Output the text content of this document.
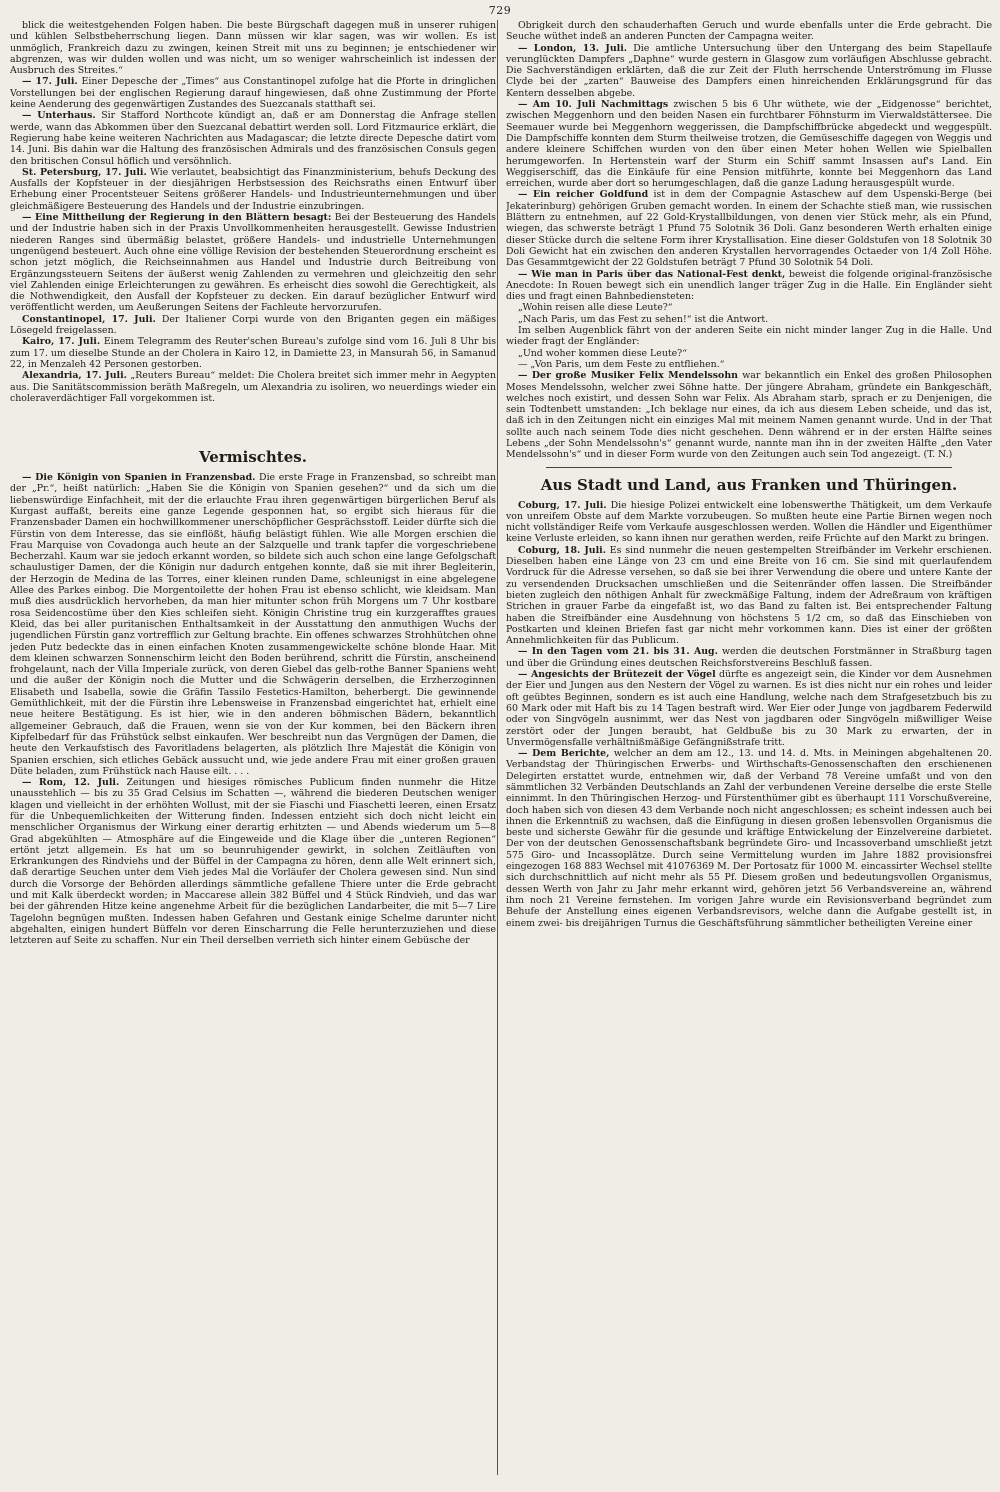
729

blick die weitestgehenden Folgen haben. Die beste Bürgschaft dagegen muß in unserer ruhigen und kühlen Selbstbeherrschung liegen. Dann müssen wir klar sagen, was wir wollen. Es ist unmöglich, Frankreich dazu zu zwingen, keinen Streit mit uns zu beginnen; je entschiedener wir abgrenzen, was wir dulden wollen und was nicht, um so weniger wahrscheinlich ist indessen der Ausbruch des Streites.“

— 17. Juli. Einer Depesche der „Times“ aus Constantinopel zufolge hat die Pforte in dringlichen Vorstellungen bei der englischen Regierung darauf hingewiesen, daß ohne Zustimmung der Pforte keine Aenderung des gegenwärtigen Zustandes des Suezcanals statthaft sei.

— Unterhaus. Sir Stafford Northcote kündigt an, daß er am Donnerstag die Anfrage stellen werde, wann das Abkommen über den Suezcanal debattirt werden soll. Lord Fitzmaurice erklärt, die Regierung habe keine weiteren Nachrichten aus Madagascar; die letzte directe Depesche datirt vom 14. Juni. Bis dahin war die Haltung des französischen Admirals und des französischen Consuls gegen den britischen Consul höflich und versöhnlich.

St. Petersburg, 17. Juli. Wie verlautet, beabsichtigt das Finanzministerium, behufs Deckung des Ausfalls der Kopfsteuer in der diesjährigen Herbstsession des Reichsraths einen Entwurf über Erhebung einer Procentsteuer Seitens größerer Handels- und Industrieunternehmungen und über gleichmäßigere Besteuerung des Handels und der Industrie einzubringen.

— Eine Mittheilung der Regierung in den Blättern besagt: Bei der Besteuerung des Handels und der Industrie haben sich in der Praxis Unvollkommenheiten herausgestellt. Gewisse Industrien niederen Ranges sind übermäßig belastet, größere Handels- und industrielle Unternehmungen ungenügend besteuert. Auch ohne eine völlige Revision der bestehenden Steuerordnung erscheint es schon jetzt möglich, die Reichseinnahmen aus Handel und Industrie durch Beitreibung von Ergänzungssteuern Seitens der äußerst wenig Zahlenden zu vermehren und gleichzeitig den sehr viel Zahlenden einige Erleichterungen zu gewähren. Es erheischt dies sowohl die Gerechtigkeit, als die Nothwendigkeit, den Ausfall der Kopfsteuer zu decken. Ein darauf bezüglicher Entwurf wird veröffentlicht werden, um Aeußerungen Seitens der Fachleute hervorzurufen.

Constantinopel, 17. Juli. Der Italiener Corpi wurde von den Briganten gegen ein mäßiges Lösegeld freigelassen.

Kairo, 17. Juli. Einem Telegramm des Reuter'schen Bureau's zufolge sind vom 16. Juli 8 Uhr bis zum 17. um dieselbe Stunde an der Cholera in Kairo 12, in Damiette 23, in Mansurah 56, in Samanud 22, in Menzaleh 42 Personen gestorben.

Alexandria, 17. Juli. „Reuters Bureau“ meldet: Die Cholera breitet sich immer mehr in Aegypten aus. Die Sanitätscommission beräth Maßregeln, um Alexandria zu isoliren, wo neuerdings wieder ein choleraverdächtiger Fall vorgekommen ist.

Vermischtes.

— Die Königin von Spanien in Franzensbad. Die erste Frage in Franzensbad, so schreibt man der „Pr.“, heißt natürlich: „Haben Sie die Königin von Spanien gesehen?“ und da sich um die liebenswürdige Einfachheit, mit der die erlauchte Frau ihren gegenwärtigen bürgerlichen Beruf als Kurgast auffaßt, bereits eine ganze Legende gesponnen hat, so ergibt sich hieraus für die Franzensbader Damen ein hochwillkommener unerschöpflicher Gesprächsstoff. Leider dürfte sich die Fürstin von dem Interesse, das sie einflößt, häufig belästigt fühlen. Wie alle Morgen erschien die Frau Marquise von Covadonga auch heute an der Salzquelle und trank tapfer die vorgeschriebene Becherzahl. Kaum war sie jedoch erkannt worden, so bildete sich auch schon eine lange Gefolgschaft schaulustiger Damen, der die Königin nur dadurch entgehen konnte, daß sie mit ihrer Begleiterin, der Herzogin de Medina de las Torres, einer kleinen runden Dame, schleunigst in eine abgelegene Allee des Parkes einbog. Die Morgentoilette der hohen Frau ist ebenso schlicht, wie kleidsam. Man muß dies ausdrücklich hervorheben, da man hier mitunter schon früh Morgens um 7 Uhr kostbare rosa Seidencostüme über den Kies schleifen sieht. Königin Christine trug ein kurzgerafftes graues Kleid, das bei aller puritanischen Enthaltsamkeit in der Ausstattung den anmuthigen Wuchs der jugendlichen Fürstin ganz vortrefflich zur Geltung brachte. Ein offenes schwarzes Strohhütchen ohne jeden Putz bedeckte das in einen einfachen Knoten zusammengewickelte schöne blonde Haar. Mit dem kleinen schwarzen Sonnenschirm leicht den Boden berührend, schritt die Fürstin, anscheinend frohgelaunt, nach der Villa Imperiale zurück, von deren Giebel das gelb-rothe Banner Spaniens weht und die außer der Königin noch die Mutter und die Schwägerin derselben, die Erzherzoginnen Elisabeth und Isabella, sowie die Gräfin Tassilo Festetics-Hamilton, beherbergt. Die gewinnende Gemüthlichkeit, mit der die Fürstin ihre Lebensweise in Franzensbad eingerichtet hat, erhielt eine neue heitere Bestätigung. Es ist hier, wie in den anderen böhmischen Bädern, bekanntlich allgemeiner Gebrauch, daß die Frauen, wenn sie von der Kur kommen, bei den Bäckern ihren Kipfelbedarf für das Frühstück selbst einkaufen. Wer beschreibt nun das Vergnügen der Damen, die heute den Verkaufstisch des Favoritladens belagerten, als plötzlich Ihre Majestät die Königin von Spanien erschien, sich etliches Gebäck aussucht und, wie jede andere Frau mit einer großen grauen Düte beladen, zum Frühstück nach Hause eilt. . . .

— Rom, 12. Juli. Zeitungen und hiesiges römisches Publicum finden nunmehr die Hitze unausstehlich — bis zu 35 Grad Celsius im Schatten —, während die biederen Deutschen weniger klagen und vielleicht in der erhöhten Wollust, mit der sie Fiaschi und Fiaschetti leeren, einen Ersatz für die Unbequemlichkeiten der Witterung finden. Indessen entzieht sich doch nicht leicht ein menschlicher Organismus der Wirkung einer derartig erhitzten — und Abends wiederum um 5—8 Grad abgekühlten — Atmosphäre auf die Eingeweide und die Klage über die „unteren Regionen“ ertönt jetzt allgemein. Es hat um so beunruhigender gewirkt, in solchen Zeitläuften von Erkrankungen des Rindviehs und der Büffel in der Campagna zu hören, denn alle Welt erinnert sich, daß derartige Seuchen unter dem Vieh jedes Mal die Vorläufer der Cholera gewesen sind. Nun sind durch die Vorsorge der Behörden allerdings sämmtliche gefallene Thiere unter die Erde gebracht und mit Kalk überdeckt worden; in Maccarese allein 382 Büffel und 4 Stück Rindvieh, und das war bei der gährenden Hitze keine angenehme Arbeit für die bezüglichen Landarbeiter, die mit 5—7 Lire Tagelohn begnügen mußten. Indessen haben Gefahren und Gestank einige Schelme darunter nicht abgehalten, einigen hundert Büffeln vor deren Einscharrung die Felle herunterzuziehen und diese letzteren auf Seite zu schaffen. Nur ein Theil derselben verrieth sich hinter einem Gebüsche der

Obrigkeit durch den schauderhaften Geruch und wurde ebenfalls unter die Erde gebracht. Die Seuche wüthet indeß an anderen Puncten der Campagna weiter.

— London, 13. Juli. Die amtliche Untersuchung über den Untergang des beim Stapellaufe verunglückten Dampfers „Daphne“ wurde gestern in Glasgow zum vorläufigen Abschlusse gebracht. Die Sachverständigen erklärten, daß die zur Zeit der Fluth herrschende Unterströmung im Flusse Clyde bei der „zarten“ Bauweise des Dampfers einen hinreichenden Erklärungsgrund für das Kentern desselben abgebe.

— Am 10. Juli Nachmittags zwischen 5 bis 6 Uhr wüthete, wie der „Eidgenosse“ berichtet, zwischen Meggenhorn und den beiden Nasen ein furchtbarer Föhnsturm im Vierwaldstättersee. Die Seemauer wurde bei Meggenhorn weggerissen, die Dampfschiffbrücke abgedeckt und weggespült. Die Dampfschiffe konnten dem Sturm theilweise trotzen, die Gemüseschiffe dagegen von Weggis und andere kleinere Schiffchen wurden von den über einen Meter hohen Wellen wie Spielballen herumgeworfen. In Hertenstein warf der Sturm ein Schiff sammt Insassen auf's Land. Ein Weggiserschiff, das die Einkäufe für eine Pension mitführte, konnte bei Meggenhorn das Land erreichen, wurde aber dort so herumgeschlagen, daß die ganze Ladung herausgespült wurde.

— Ein reicher Goldfund ist in dem der Compagnie Astaschew auf dem Uspenski-Berge (bei Jekaterinburg) gehörigen Gruben gemacht worden. In einem der Schachte stieß man, wie russischen Blättern zu entnehmen, auf 22 Gold-Krystallbildungen, von denen vier Stück mehr, als ein Pfund, wiegen, das schwerste beträgt 1 Pfund 75 Solotnik 36 Doli. Ganz besonderen Werth erhalten einige dieser Stücke durch die seltene Form ihrer Krystallisation. Eine dieser Goldstufen von 18 Solotnik 30 Doli Gewicht hat ein zwischen den anderen Krystallen hervorragendes Octaeder von 1/4 Zoll Höhe. Das Gesammtgewicht der 22 Goldstufen beträgt 7 Pfund 30 Solotnik 54 Doli.

— Wie man in Paris über das National-Fest denkt, beweist die folgende original-französische Anecdote: In Rouen bewegt sich ein unendlich langer träger Zug in die Halle. Ein Engländer sieht dies und fragt einen Bahnbediensteten:

„Wohin reisen alle diese Leute?“

„Nach Paris, um das Fest zu sehen!“ ist die Antwort.

Im selben Augenblick fährt von der anderen Seite ein nicht minder langer Zug in die Halle. Und wieder fragt der Engländer:

„Und woher kommen diese Leute?“

— „Von Paris, um dem Feste zu entfliehen.“

— Der große Musiker Felix Mendelssohn war bekanntlich ein Enkel des großen Philosophen Moses Mendelssohn, welcher zwei Söhne hatte. Der jüngere Abraham, gründete ein Bankgeschäft, welches noch existirt, und dessen Sohn war Felix. Als Abraham starb, sprach er zu Denjenigen, die sein Todtenbett umstanden: „Ich beklage nur eines, da ich aus diesem Leben scheide, und das ist, daß ich in den Zeitungen nicht ein einziges Mal mit meinem Namen genannt wurde. Und in der That sollte auch nach seinem Tode dies nicht geschehen. Denn während er in der ersten Hälfte seines Lebens „der Sohn Mendelssohn's“ genannt wurde, nannte man ihn in der zweiten Hälfte „den Vater Mendelssohn's“ und in dieser Form wurde von den Zeitungen auch sein Tod angezeigt. (T. N.)

Aus Stadt und Land, aus Franken und Thüringen.

Coburg, 17. Juli. Die hiesige Polizei entwickelt eine lobenswerthe Thätigkeit, um dem Verkaufe von unreifem Obste auf dem Markte vorzubeugen. So mußten heute eine Partie Birnen wegen noch nicht vollständiger Reife vom Verkaufe ausgeschlossen werden. Wollen die Händler und Eigenthümer keine Verluste erleiden, so kann ihnen nur gerathen werden, reife Früchte auf den Markt zu bringen.

Coburg, 18. Juli. Es sind nunmehr die neuen gestempelten Streifbänder im Verkehr erschienen. Dieselben haben eine Länge von 23 cm und eine Breite von 16 cm. Sie sind mit querlaufendem Vordruck für die Adresse versehen, so daß sie bei ihrer Verwendung die obere und untere Kante der zu versendenden Drucksachen umschließen und die Seitenränder offen lassen. Die Streifbänder bieten zugleich den nöthigen Anhalt für zweckmäßige Faltung, indem der Adreßraum von kräftigen Strichen in grauer Farbe da eingefaßt ist, wo das Band zu falten ist. Bei entsprechender Faltung haben die Streifbänder eine Ausdehnung von höchstens 5 1/2 cm, so daß das Einschieben von Postkarten und kleinen Briefen fast gar nicht mehr vorkommen kann. Dies ist einer der größten Annehmlichkeiten für das Publicum.

— In den Tagen vom 21. bis 31. Aug. werden die deutschen Forstmänner in Straßburg tagen und über die Gründung eines deutschen Reichsforstvereins Beschluß fassen.

— Angesichts der Brütezeit der Vögel dürfte es angezeigt sein, die Kinder vor dem Ausnehmen der Eier und Jungen aus den Nestern der Vögel zu warnen. Es ist dies nicht nur ein rohes und leider oft geübtes Beginnen, sondern es ist auch eine Handlung, welche nach dem Strafgesetzbuch bis zu 60 Mark oder mit Haft bis zu 14 Tagen bestraft wird. Wer Eier oder Junge von jagdbarem Federwild oder von Singvögeln ausnimmt, wer das Nest von jagdbaren oder Singvögeln mißwilliger Weise zerstört oder der Jungen beraubt, hat Geldbuße bis zu 30 Mark zu erwarten, der in Unvermögensfalle verhältnißmäßige Gefängnißstrafe tritt.

— Dem Berichte, welcher an dem am 12., 13. und 14. d. Mts. in Meiningen abgehaltenen 20. Verbandstag der Thüringischen Erwerbs- und Wirthschafts-Genossenschaften den erschienenen Delegirten erstattet wurde, entnehmen wir, daß der Verband 78 Vereine umfaßt und von den sämmtlichen 32 Verbänden Deutschlands an Zahl der verbundenen Vereine derselbe die erste Stelle einnimmt. In den Thüringischen Herzog- und Fürstenthümer gibt es überhaupt 111 Vorschußvereine, doch haben sich von diesen 43 dem Verbande noch nicht angeschlossen; es scheint indessen auch bei ihnen die Erkenntniß zu wachsen, daß die Einfügung in diesen großen lebensvollen Organismus die beste und sicherste Gewähr für die gesunde und kräftige Entwickelung der Einzelvereine darbietet. Der von der deutschen Genossenschaftsbank begründete Giro- und Incassoverband umschließt jetzt 575 Giro- und Incassoplätze. Durch seine Vermittelung wurden im Jahre 1882 provisionsfrei eingezogen 168 883 Wechsel mit 41076369 M. Der Portosatz für 1000 M. eincassirter Wechsel stellte sich durchschnittlich auf nicht mehr als 55 Pf. Diesem großen und bedeutungsvollen Organismus, dessen Werth von Jahr zu Jahr mehr erkannt wird, gehören jetzt 56 Verbandsvereine an, während ihm noch 21 Vereine fernstehen. Im vorigen Jahre wurde ein Revisionsverband begründet zum Behufe der Anstellung eines eigenen Verbandsrevisors, welche dann die Aufgabe gestellt ist, in einem zwei- bis dreijährigen Turnus die Geschäftsführung sämmtlicher betheiligten Vereine einer
